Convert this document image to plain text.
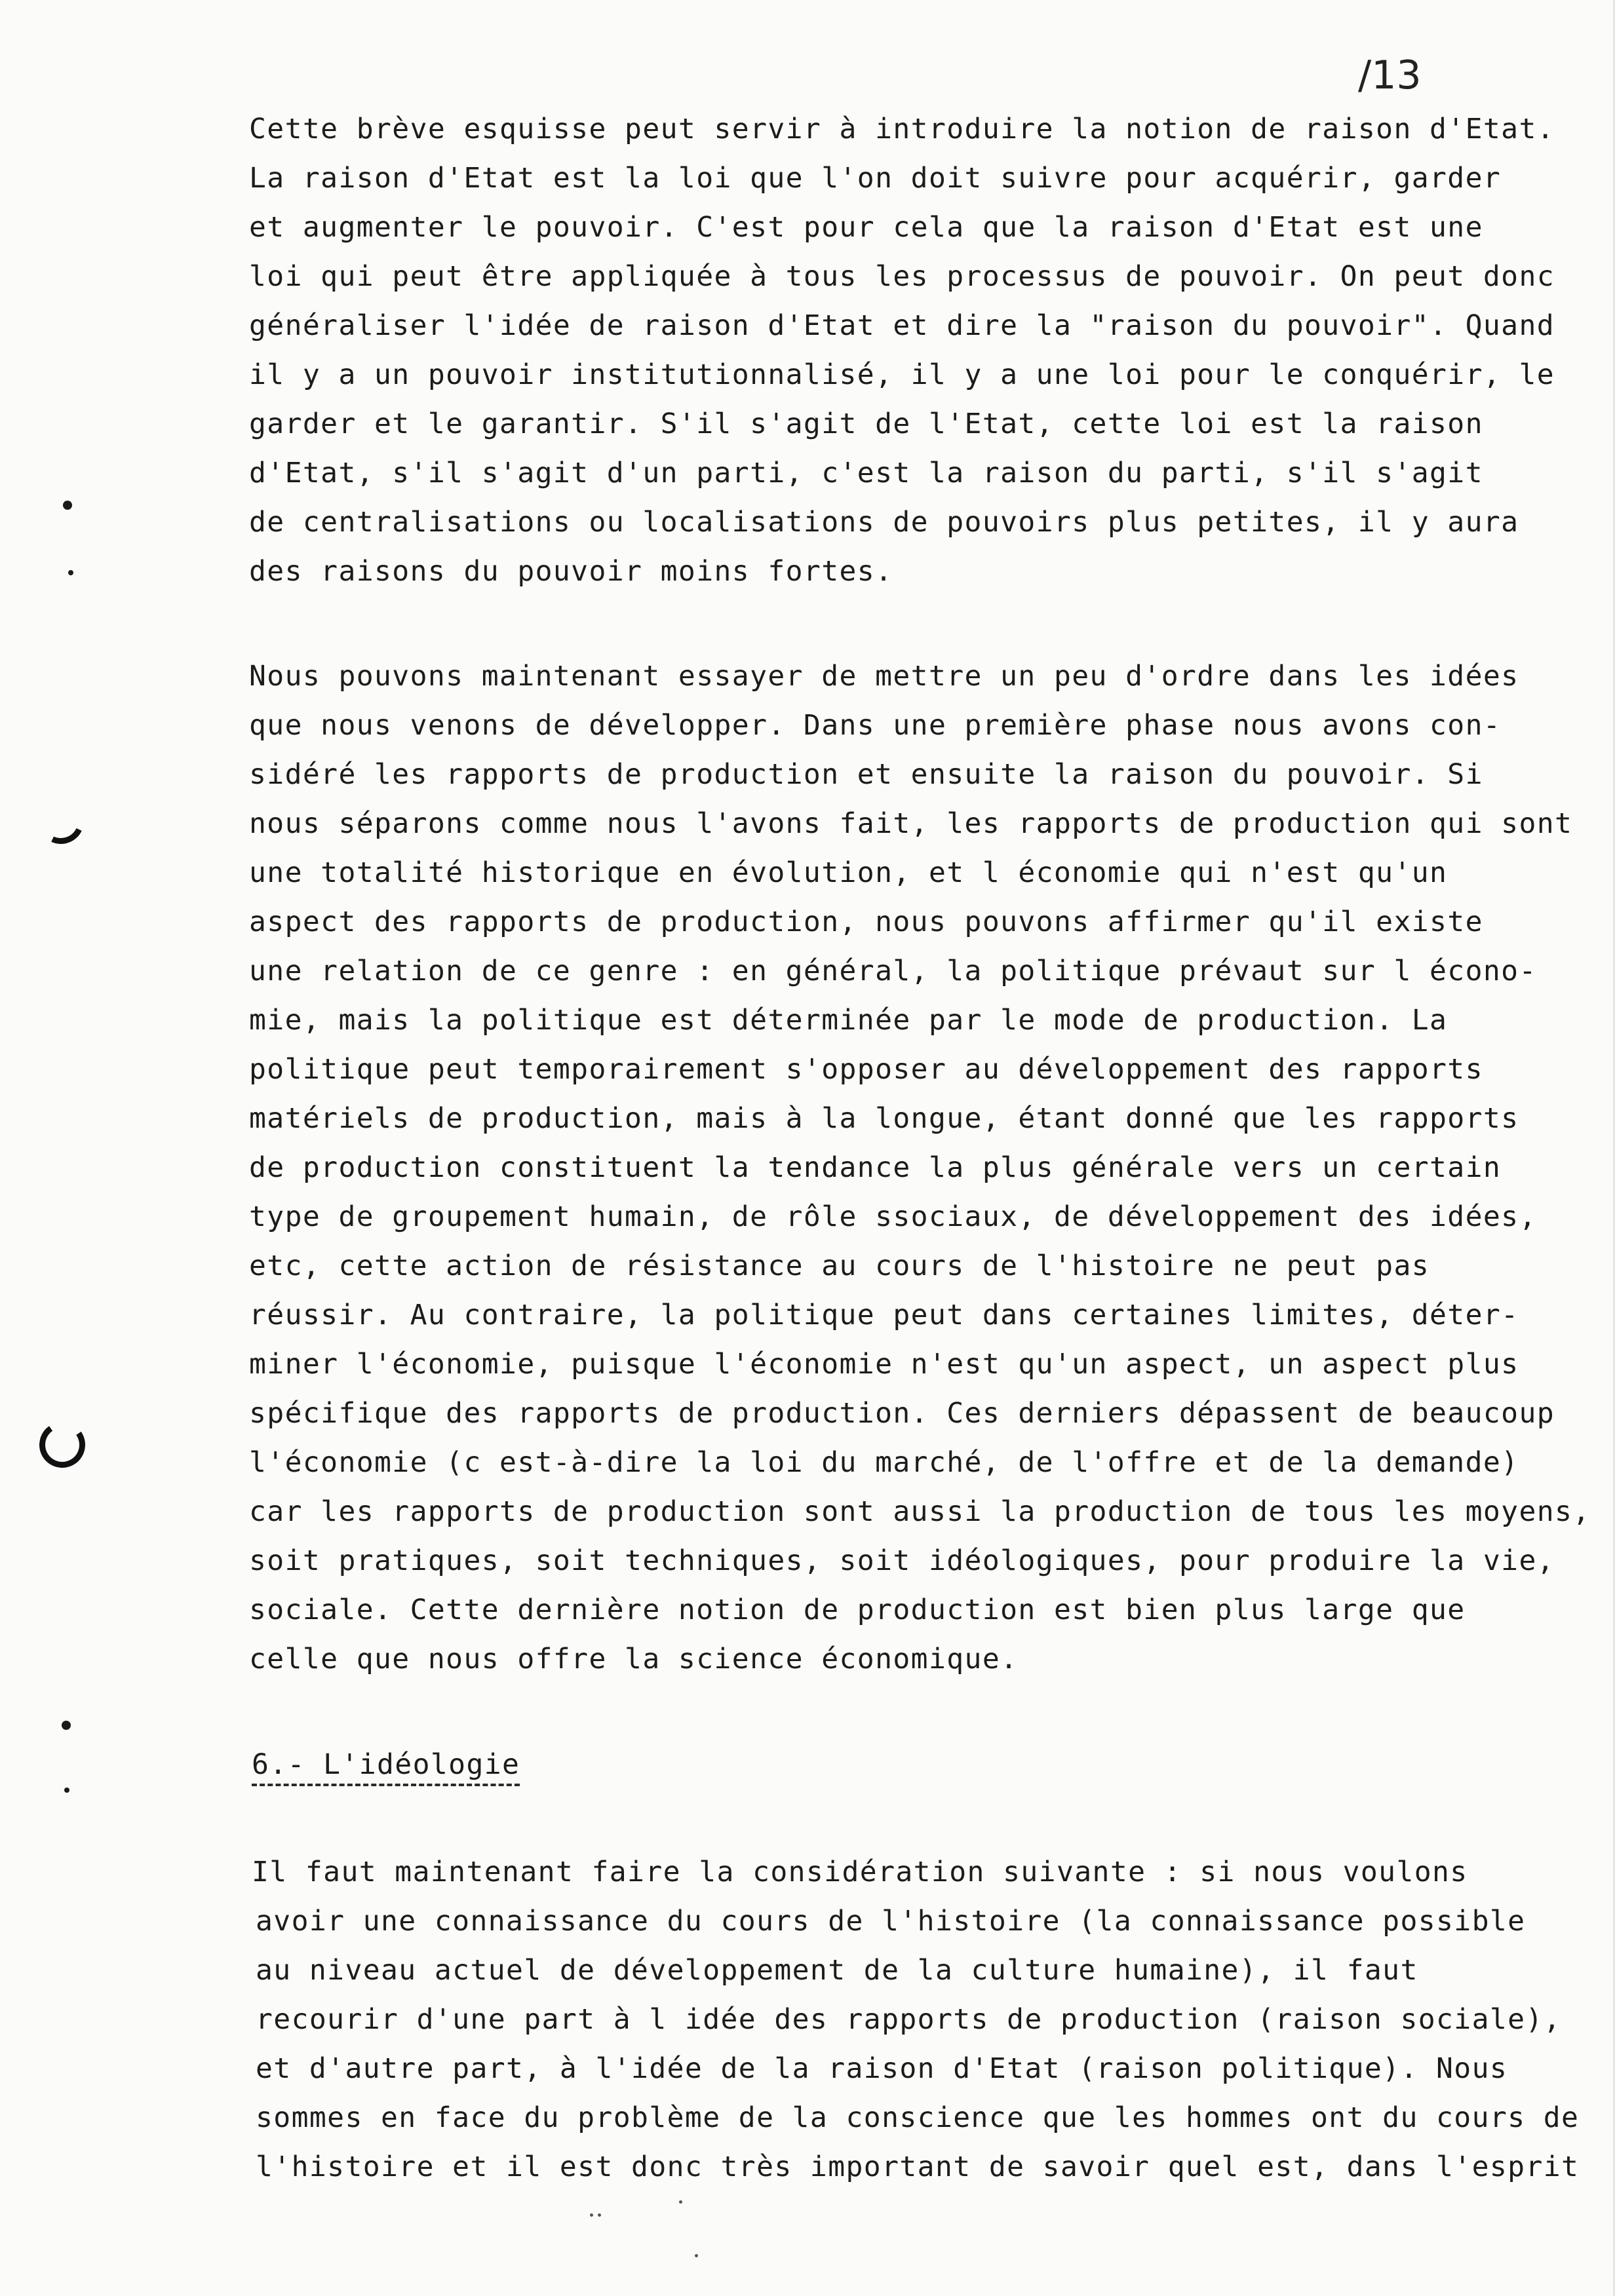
/13
Cette brève esquisse peut servir à introduire la notion de raison d'Etat.
La raison d'Etat est la loi que l'on doit suivre pour acquérir, garder
et augmenter le pouvoir. C'est pour cela que la raison d'Etat est une
loi qui peut être appliquée à tous les processus de pouvoir. On peut donc
généraliser l'idée de raison d'Etat et dire la "raison du pouvoir". Quand
il y a un pouvoir institutionnalisé, il y a une loi pour le conquérir, le
garder et le garantir. S'il s'agit de l'Etat, cette loi est la raison
d'Etat, s'il s'agit d'un parti, c'est la raison du parti, s'il s'agit
de centralisations ou localisations de pouvoirs plus petites, il y aura
des raisons du pouvoir moins fortes.
Nous pouvons maintenant essayer de mettre un peu d'ordre dans les idées
que nous venons de développer. Dans une première phase nous avons con-
sidéré les rapports de production et ensuite la raison du pouvoir. Si
nous séparons comme nous l'avons fait, les rapports de production qui sont
une totalité historique en évolution, et l économie qui n'est qu'un
aspect des rapports de production, nous pouvons affirmer qu'il existe
une relation de ce genre : en général, la politique prévaut sur l écono-
mie, mais la politique est déterminée par le mode de production. La
politique peut temporairement s'opposer au développement des rapports
matériels de production, mais à la longue, étant donné que les rapports
de production constituent la tendance la plus générale vers un certain
type de groupement humain, de rôle ssociaux, de développement des idées,
etc, cette action de résistance au cours de l'histoire ne peut pas
réussir. Au contraire, la politique peut dans certaines limites, déter-
miner l'économie, puisque l'économie n'est qu'un aspect, un aspect plus
spécifique des rapports de production. Ces derniers dépassent de beaucoup
l'économie (c est-à-dire la loi du marché, de l'offre et de la demande)
car les rapports de production sont aussi la production de tous les moyens,
soit pratiques, soit techniques, soit idéologiques, pour produire la vie,
sociale. Cette dernière notion de production est bien plus large que
celle que nous offre la science économique.
6.- L'idéologie
Il faut maintenant faire la considération suivante : si nous voulons
avoir une connaissance du cours de l'histoire (la connaissance possible
au niveau actuel de développement de la culture humaine), il faut
recourir d'une part à l idée des rapports de production (raison sociale),
et d'autre part, à l'idée de la raison d'Etat (raison politique). Nous
sommes en face du problème de la conscience que les hommes ont du cours de
l'histoire et il est donc très important de savoir quel est, dans l'esprit
